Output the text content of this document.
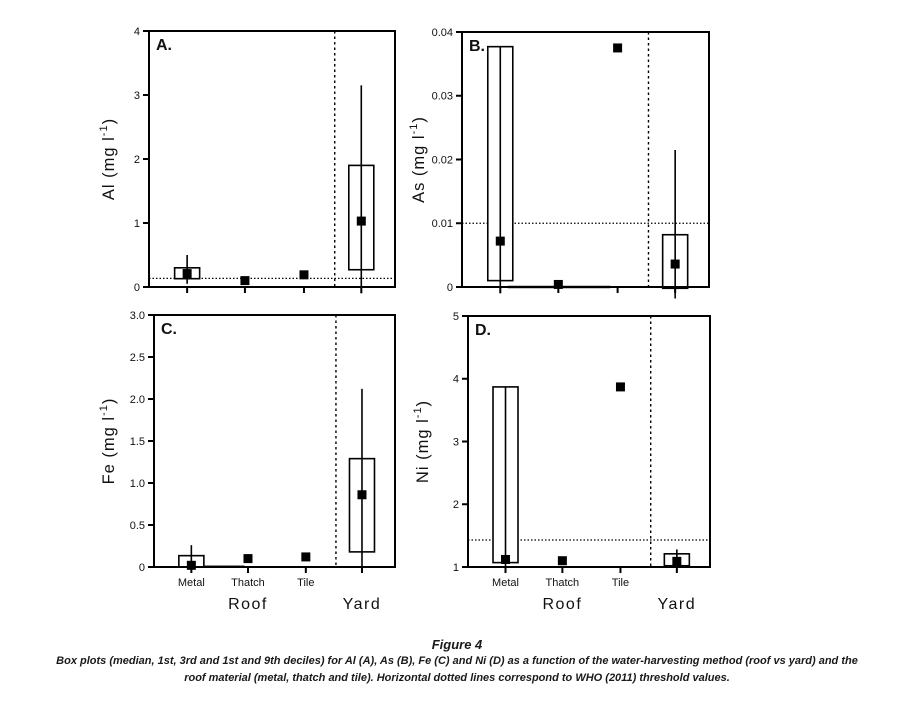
0
1
2
3
4
A.
Al (mg $l^{-1}$)
0
0.01
0.02
0.03
0.04
B.
As (mg $l^{-1}$)
0
0.5
1.0
1.5
2.0
2.5
3.0
C.
Fe (mg $l^{-1}$)
Metal Thatch	Tile
Roof	Yard
1
2
3
4
5
D.
Ni (mg $l^{-1}$)
Metal Thatch	Tile
Roof	Yard
Figure 4
Box plots (median, 1st, 3rd and 1st and 9th deciles) for Al (A), As (B), Fe (C) and Ni (D) as a function of the water-harvesting method (roof vs yard) and the
roof material (metal, thatch and tile). Horizontal dotted lines correspond to WHO (2011) threshold values.
